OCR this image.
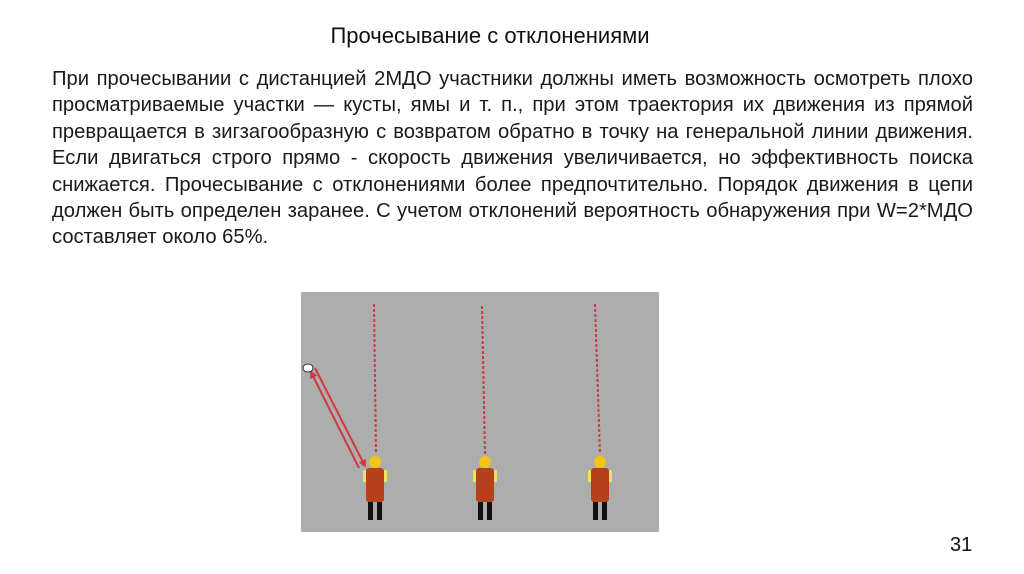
Прочесывание с отклонениями

При прочесывании с дистанцией 2МДО участники должны иметь возможность осмотреть плохо просматриваемые участки — кусты, ямы и т. п., при этом траектория их движения из прямой превращается в зигзагообразную с возвратом обратно в точку на генеральной линии движения. Если двигаться строго прямо - скорость движения увеличивается, но эффективность поиска снижается. Прочесывание с отклонениями более предпочтительно. Порядок движения в цепи должен быть определен заранее. С учетом отклонений вероятность обнаружения при W=2*МДО составляет около 65%.

31
